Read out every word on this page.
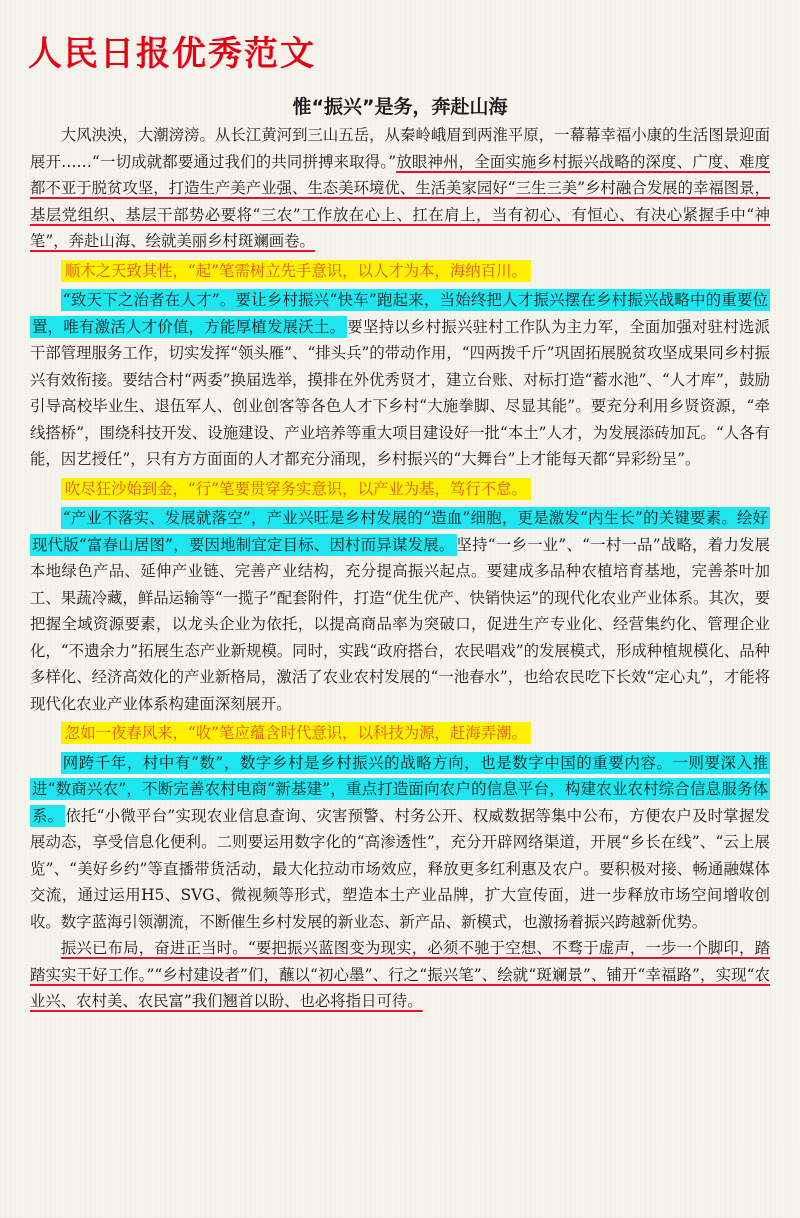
人民日报优秀范文
惟“振兴”是务，奔赴山海

大风泱泱，大潮滂滂。从长江黄河到三山五岳，从秦岭峨眉到两淮平原，一幕幕幸福小康的生活图景迎面展开……“一切成就都要通过我们的共同拼搏来取得。”放眼神州，全面实施乡村振兴战略的深度、广度、难度都不亚于脱贫攻坚，打造生产美产业强、生态美环境优、生活美家园好“三生三美”乡村融合发展的幸福图景，基层党组织、基层干部势必要将“三农”工作放在心上、扛在肩上，当有初心、有恒心、有决心紧握手中“神笔”，奔赴山海、绘就美丽乡村斑斓画卷。

顺木之天致其性，“起”笔需树立先手意识，以人才为本，海纳百川。

“致天下之治者在人才”。要让乡村振兴“快车”跑起来，当始终把人才振兴摆在乡村振兴战略中的重要位置，唯有激活人才价值，方能厚植发展沃土。 要坚持以乡村振兴驻村工作队为主力军，全面加强对驻村选派干部管理服务工作，切实发挥“领头雁”、“排头兵”的带动作用，“四两拨千斤”巩固拓展脱贫攻坚成果同乡村振兴有效衔接。要结合村“两委”换届选举，摸排在外优秀贤才，建立台账、对标打造“蓄水池”、“人才库”，鼓励引导高校毕业生、退伍军人、创业创客等各色人才下乡村“大施拳脚、尽显其能”。要充分利用乡贤资源，“牵线搭桥”，围绕科技开发、设施建设、产业培养等重大项目建设好一批“本土”人才，为发展添砖加瓦。“人各有能，因艺授任”，只有方方面面的人才都充分涌现，乡村振兴的“大舞台”上才能每天都“异彩纷呈”。

吹尽狂沙始到金，“行”笔要贯穿务实意识，以产业为基，笃行不怠。

“产业不落实、发展就落空”，产业兴旺是乡村发展的“造血”细胞，更是激发“内生长”的关键要素。绘好现代版“富春山居图”，要因地制宜定目标、因村而异谋发展。 坚持“一乡一业”、“一村一品”战略，着力发展本地绿色产品、延伸产业链、完善产业结构，充分提高振兴起点。要建成多品种农植培育基地，完善茶叶加工、果蔬冷藏，鲜品运输等“一揽子”配套附件，打造“优生优产、快销快运”的现代化农业产业体系。其次，要把握全域资源要素，以龙头企业为依托，以提高商品率为突破口，促进生产专业化、经营集约化、管理企业化，“不遗余力”拓展生态产业新规模。同时，实践“政府搭台，农民唱戏”的发展模式，形成种植规模化、品种多样化、经济高效化的产业新格局，激活了农业农村发展的“一池春水”，也给农民吃下长效“定心丸”，才能将现代化农业产业体系构建面深刻展开。

忽如一夜春风来，“收”笔应蕴含时代意识，以科技为源，赶海弄潮。

网跨千年，村中有“数”，数字乡村是乡村振兴的战略方向，也是数字中国的重要内容。一则要深入推进“数商兴农”，不断完善农村电商“新基建”，重点打造面向农户的信息平台，构建农业农村综合信息服务体系。 依托“小微平台”实现农业信息查询、灾害预警、村务公开、权威数据等集中公布，方便农户及时掌握发展动态，享受信息化便利。二则要运用数字化的“高渗透性”，充分开辟网络渠道，开展“乡长在线”、“云上展览”、“美好乡约”等直播带货活动，最大化拉动市场效应，释放更多红利惠及农户。要积极对接、畅通融媒体交流，通过运用H5、SVG、微视频等形式，塑造本土产业品牌，扩大宣传面，进一步释放市场空间增收创收。数字蓝海引领潮流，不断催生乡村发展的新业态、新产品、新模式，也激扬着振兴跨越新优势。

振兴已布局，奋进正当时。“要把振兴蓝图变为现实，必须不驰于空想、不骛于虚声，一步一个脚印，踏踏实实干好工作。”“乡村建设者”们，蘸以“初心墨”、行之“振兴笔”、绘就“斑斓景”、铺开“幸福路”，实现“农业兴、农村美、农民富”我们翘首以盼、也必将指日可待。
